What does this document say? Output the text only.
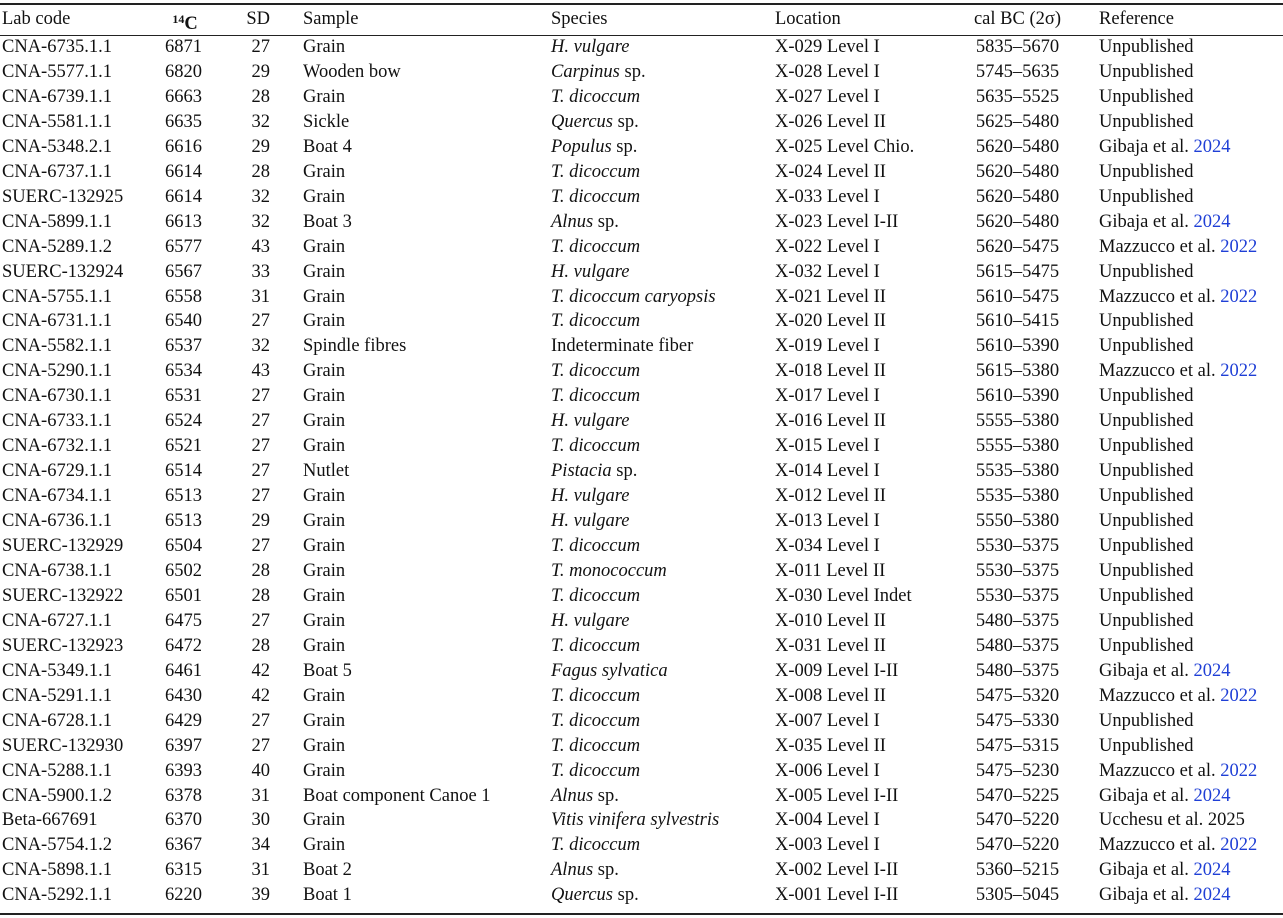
Lab code	$^{14}$C	SD Sample	Species	Location	cal BC (2σ)	Reference
CNA-6735.1.1	6871	27 Grain	H. vulgare	X-029 Level I	5835–5670	Unpublished
CNA-5577.1.1	6820	29 Wooden bow	Carpinus sp.	X-028 Level I	5745–5635	Unpublished
CNA-6739.1.1	6663	28 Grain	T. dicoccum	X-027 Level I	5635–5525	Unpublished
CNA-5581.1.1	6635	32 Sickle	Quercus sp.	X-026 Level II	5625–5480	Unpublished
CNA-5348.2.1	6616	29 Boat 4	Populus sp.	X-025 Level Chio.	5620–5480	Gibaja et al. 2024
CNA-6737.1.1	6614	28 Grain	T. dicoccum	X-024 Level II	5620–5480	Unpublished
SUERC-132925	6614	32 Grain	T. dicoccum	X-033 Level I	5620–5480	Unpublished
CNA-5899.1.1	6613	32 Boat 3	Alnus sp.	X-023 Level I-II	5620–5480	Gibaja et al. 2024
CNA-5289.1.2	6577	43 Grain	T. dicoccum	X-022 Level I	5620–5475	Mazzucco et al. 2022
SUERC-132924	6567	33 Grain	H. vulgare	X-032 Level I	5615–5475	Unpublished
CNA-5755.1.1	6558	31 Grain	T. dicoccum caryopsis	X-021 Level II	5610–5475	Mazzucco et al. 2022
CNA-6731.1.1	6540	27 Grain	T. dicoccum	X-020 Level II	5610–5415	Unpublished
CNA-5582.1.1	6537	32 Spindle fibres	Indeterminate fiber	X-019 Level I	5610–5390	Unpublished
CNA-5290.1.1	6534	43 Grain	T. dicoccum	X-018 Level II	5615–5380	Mazzucco et al. 2022
CNA-6730.1.1	6531	27 Grain	T. dicoccum	X-017 Level I	5610–5390	Unpublished
CNA-6733.1.1	6524	27 Grain	H. vulgare	X-016 Level II	5555–5380	Unpublished
CNA-6732.1.1	6521	27 Grain	T. dicoccum	X-015 Level I	5555–5380	Unpublished
CNA-6729.1.1	6514	27 Nutlet	Pistacia sp.	X-014 Level I	5535–5380	Unpublished
CNA-6734.1.1	6513	27 Grain	H. vulgare	X-012 Level II	5535–5380	Unpublished
CNA-6736.1.1	6513	29 Grain	H. vulgare	X-013 Level I	5550–5380	Unpublished
SUERC-132929	6504	27 Grain	T. dicoccum	X-034 Level I	5530–5375	Unpublished
CNA-6738.1.1	6502	28 Grain	T. monococcum	X-011 Level II	5530–5375	Unpublished
SUERC-132922	6501	28 Grain	T. dicoccum	X-030 Level Indet	5530–5375	Unpublished
CNA-6727.1.1	6475	27 Grain	H. vulgare	X-010 Level II	5480–5375	Unpublished
SUERC-132923	6472	28 Grain	T. dicoccum	X-031 Level II	5480–5375	Unpublished
CNA-5349.1.1	6461	42 Boat 5	Fagus sylvatica	X-009 Level I-II	5480–5375	Gibaja et al. 2024
CNA-5291.1.1	6430	42 Grain	T. dicoccum	X-008 Level II	5475–5320	Mazzucco et al. 2022
CNA-6728.1.1	6429	27 Grain	T. dicoccum	X-007 Level I	5475–5330	Unpublished
SUERC-132930	6397	27 Grain	T. dicoccum	X-035 Level II	5475–5315	Unpublished
CNA-5288.1.1	6393	40 Grain	T. dicoccum	X-006 Level I	5475–5230	Mazzucco et al. 2022
CNA-5900.1.2	6378	31 Boat component Canoe 1	Alnus sp.	X-005 Level I-II	5470–5225	Gibaja et al. 2024
Beta-667691	6370	30 Grain	Vitis vinifera sylvestris	X-004 Level I	5470–5220	Ucchesu et al. 2025
CNA-5754.1.2	6367	34 Grain	T. dicoccum	X-003 Level I	5470–5220	Mazzucco et al. 2022
CNA-5898.1.1	6315	31 Boat 2	Alnus sp.	X-002 Level I-II	5360–5215	Gibaja et al. 2024
CNA-5292.1.1	6220	39 Boat 1	Quercus sp.	X-001 Level I-II	5305–5045	Gibaja et al. 2024
